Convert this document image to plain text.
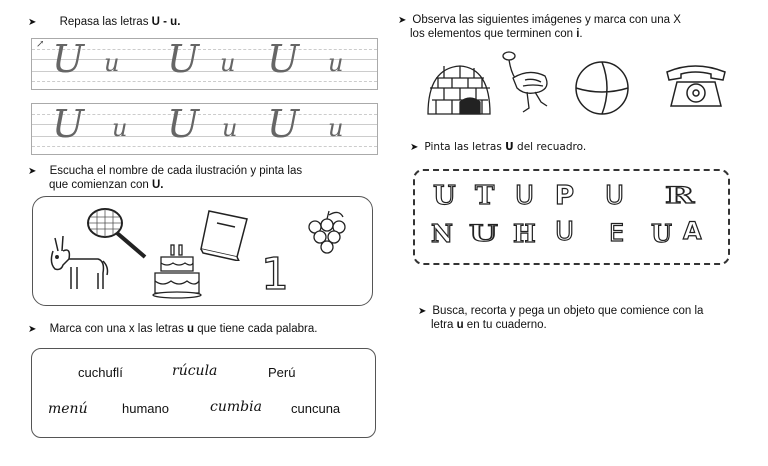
➤ Repasa las letras U - u.
↗ U u U u U u
U u U u U u
➤ Escucha el nombre de cada ilustración y pinta las
que comienzan con U.
1
➤ Marca con una x las letras u que tiene cada palabra.
cuchuflí	rúcula	Perú
menú	humano	cumbia cuncuna
➤ Observa las siguientes imágenes y marca con una X
los elementos que terminen con i.
➤ Pinta las letras U del recuadro.
U T U P U R
N U H U E U A
➤ Busca, recorta y pega un objeto que comience con la
letra u en tu cuaderno.
